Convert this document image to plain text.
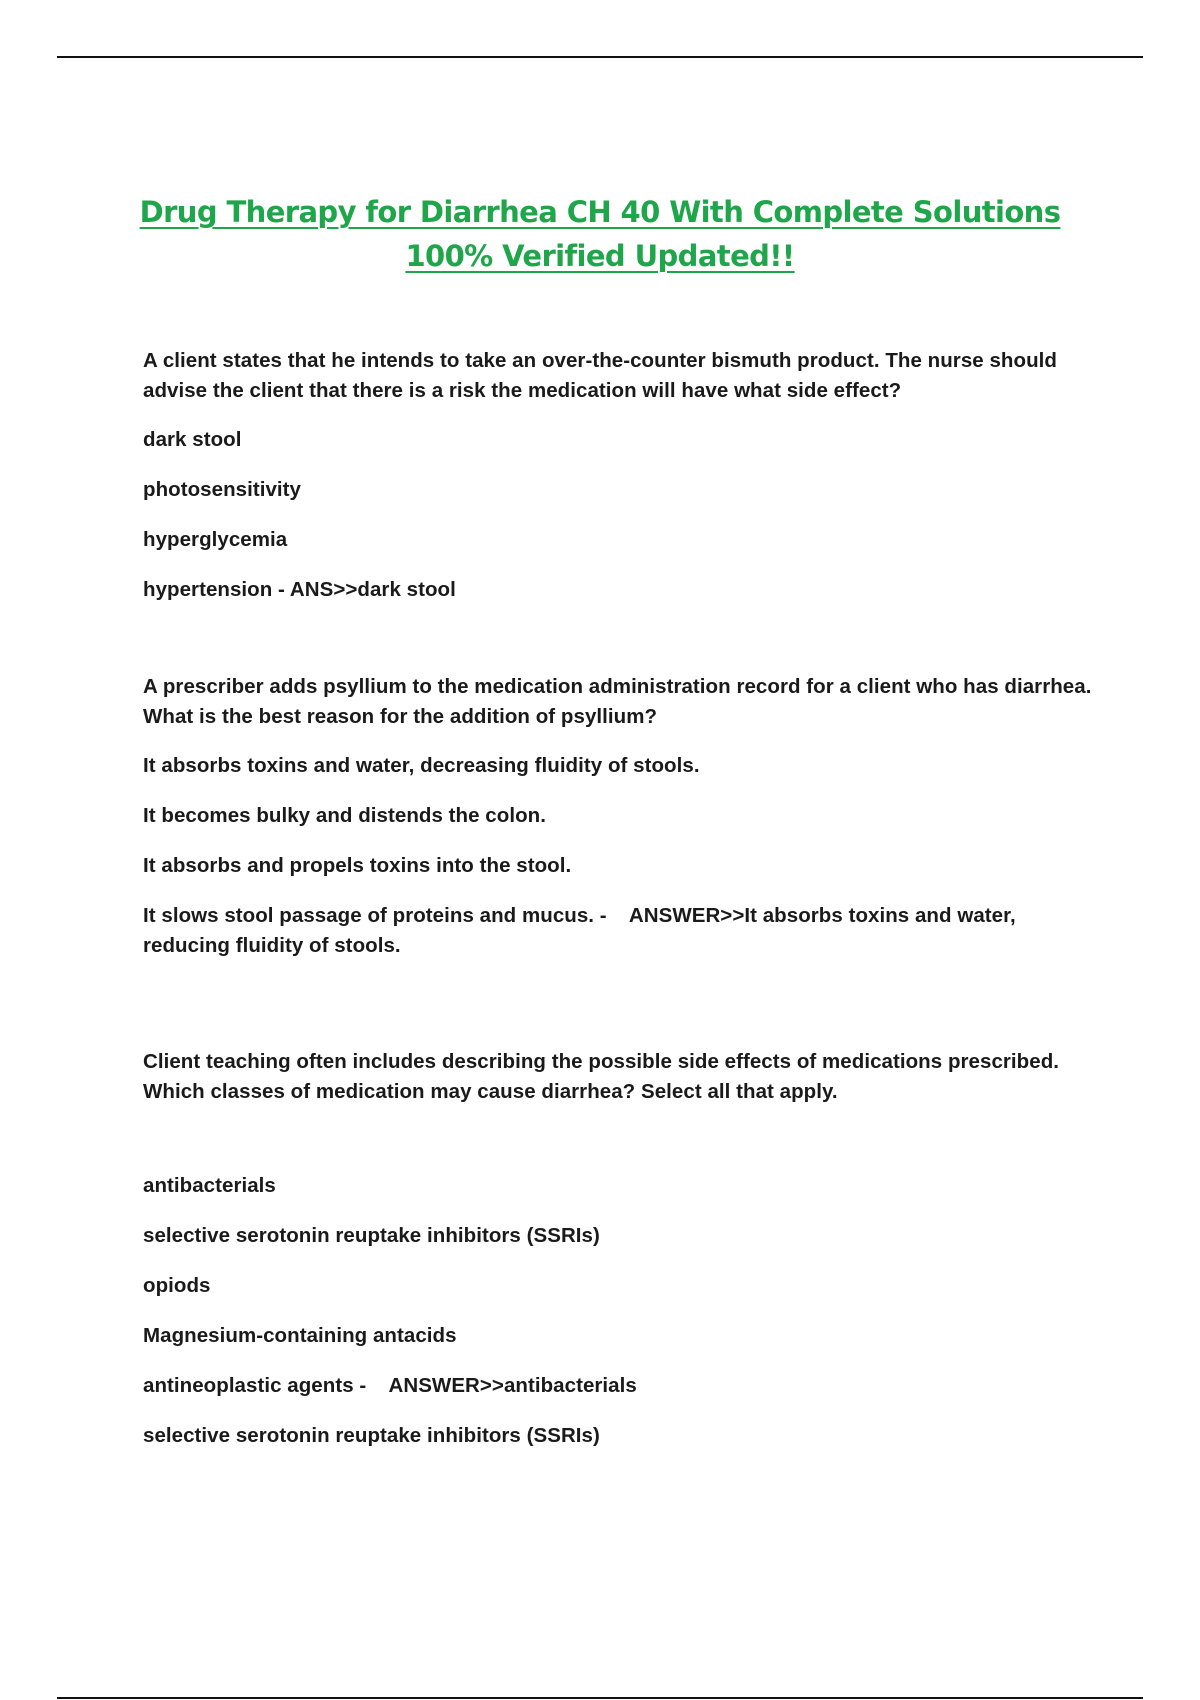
Drug Therapy for Diarrhea CH 40 With Complete Solutions
100% Verified Updated!!

A client states that he intends to take an over-the-counter bismuth product. The nurse should advise the client that there is a risk the medication will have what side effect?

dark stool

photosensitivity

hyperglycemia

hypertension - ANS>>dark stool

A prescriber adds psyllium to the medication administration record for a client who has diarrhea. What is the best reason for the addition of psyllium?

It absorbs toxins and water, decreasing fluidity of stools.

It becomes bulky and distends the colon.

It absorbs and propels toxins into the stool.

It slows stool passage of proteins and mucus. -    ANSWER>>It absorbs toxins and water, reducing fluidity of stools.

Client teaching often includes describing the possible side effects of medications prescribed. Which classes of medication may cause diarrhea? Select all that apply.

antibacterials

selective serotonin reuptake inhibitors (SSRIs)

opiods

Magnesium-containing antacids

antineoplastic agents -    ANSWER>>antibacterials

selective serotonin reuptake inhibitors (SSRIs)
